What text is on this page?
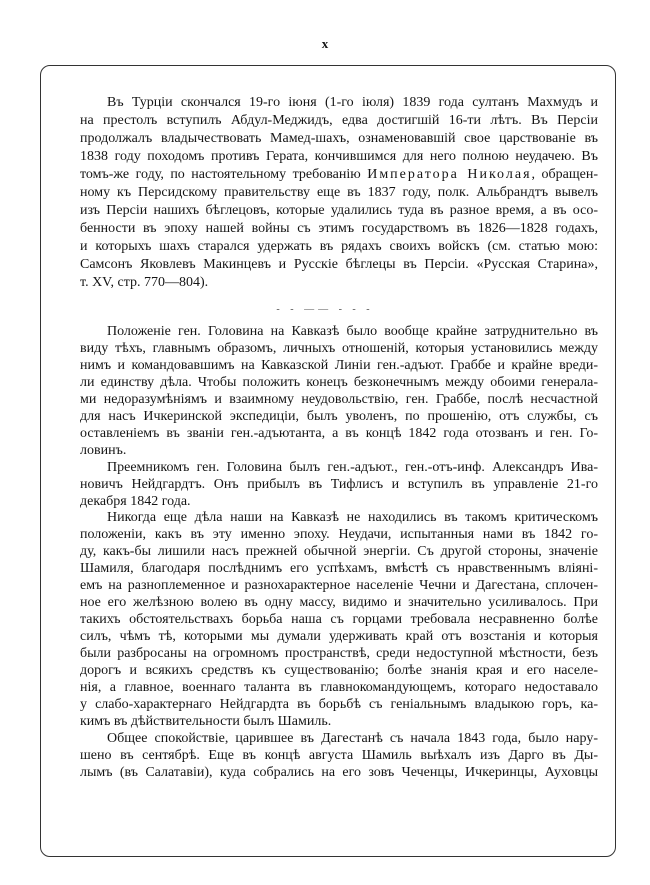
x
Въ Турцiи скончался 19-го iюня (1-го iюля) 1839 года султанъ Махмудъ и
на престолъ вступилъ Абдул-Меджидъ, едва достигшiй 16-ти лѣтъ. Въ Персiи
продолжалъ владычествовать Мамед-шахъ, ознаменовавшiй свое царствованiе въ
1838 году походомъ противъ Герата, кончившимся для него полною неудачею. Въ
томъ-же году, по настоятельному требованiю Императора Николая, обращен-
ному къ Персидскому правительству еще въ 1837 году, полк. Альбрандтъ вывелъ
изъ Персiи нашихъ бѣглецовъ, которые удалились туда въ разное время, а въ осо-
бенности въ эпоху нашей войны съ этимъ государствомъ въ 1826—1828 годахъ,
и которыхъ шахъ старался удержать въ рядахъ своихъ войскъ (см. статью мою:
Самсонъ Яковлевъ Макинцевъ и Русскiе бѣглецы въ Персiи. «Русская Старина»,
т. XV, стр. 770—804).
- - —— - - -
Положенiе ген. Головина на Кавказѣ было вообще крайне затруднительно въ
виду тѣхъ, главнымъ образомъ, личныхъ отношенiй, которыя установились между
нимъ и командовавшимъ на Кавказской Линiи ген.-адъют. Граббе и крайне вреди-
ли единству дѣла. Чтобы положить конецъ безконечнымъ между обоими генерала-
ми недоразумѣнiямъ и взаимному неудовольствiю, ген. Граббе, послѣ несчастной
для насъ Ичкеринской экспедицiи, былъ уволенъ, по прошенiю, отъ службы, съ
оставленiемъ въ званiи ген.-адъютанта, а въ концѣ 1842 года отозванъ и ген. Го-
ловинъ.
Преемникомъ ген. Головина былъ ген.-адъют., ген.-отъ-инф. Александръ Ива-
новичъ Нейдгардтъ. Онъ прибылъ въ Тифлисъ и вступилъ въ управленiе 21-го
декабря 1842 года.
Никогда еще дѣла наши на Кавказѣ не находились въ такомъ критическомъ
положенiи, какъ въ эту именно эпоху. Неудачи, испытанныя нами въ 1842 го-
ду, какъ-бы лишили насъ прежней обычной энергiи. Съ другой стороны, значенiе
Шамиля, благодаря послѣднимъ его успѣхамъ, вмѣстѣ съ нравственнымъ влiянi-
емъ на разноплеменное и разнохарактерное населенiе Чечни и Дагестана, сплочен-
ное его желѣзною волею въ одну массу, видимо и значительно усиливалось. При
такихъ обстоятельствахъ борьба наша съ горцами требовала несравненно болѣе
силъ, чѣмъ тѣ, которыми мы думали удерживать край отъ возстанiя и которыя
были разбросаны на огромномъ пространствѣ, среди недоступной мѣстности, безъ
дорогъ и всякихъ средствъ къ существованiю; болѣе знанiя края и его населе-
нiя, а главное, военнаго таланта въ главнокомандующемъ, котораго недоставало
у слабо-характернаго Нейдгардта въ борьбѣ съ генiальнымъ владыкою горъ, ка-
кимъ въ дѣйствительности былъ Шамиль.
Общее спокойствiе, царившее въ Дагестанѣ съ начала 1843 года, было нару-
шено въ сентябрѣ. Еще въ концѣ августа Шамиль выѣхалъ изъ Дарго въ Ды-
лымъ (въ Салатавiи), куда собрались на его зовъ Чеченцы, Ичкеринцы, Ауховцы
